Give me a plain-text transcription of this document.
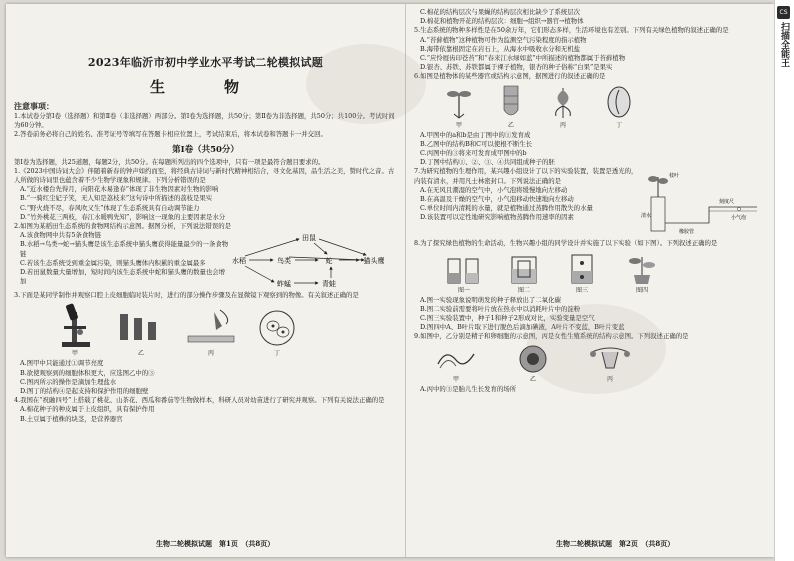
2023年临沂市初中学业水平考试二轮模拟试题
生　物
注意事项：
1.本试卷分第Ⅰ卷（选择题）和第Ⅱ卷（非选择题）两部分。第Ⅰ卷为选择题，共50分；第Ⅱ卷为非选择题，共50分；共100分。考试时间为60分钟。
2.答卷前务必将自己的姓名、准考证号等填写在答题卡相应位置上，考试结束后，将本试卷和答题卡一并交回。
第Ⅰ卷（共50分）
第Ⅰ卷为选择题，共25道题，每题2分，共50分。在每题所列出的四个选项中，只有一项是最符合题目要求的。
1.《2023中国诗词大会》伴随着新春的钟声如约而至，将经典古诗词与新时代精神相结合，寻文化基因，品生活之美，赞时代之音。古人所做的诗词里也蕴含着不少生物学现象和规律。下列分析错误的是
A.“近水楼台先得月，向阳花木易逢春”体现了非生物因素对生物的影响
B.“一骑红尘妃子笑，无人知是荔枝来”这句诗中所描述的荔枝是果实
C.“野火烧不尽，春风吹又生”体现了生态系统具有自动调节能力
D.“竹外桃花三两枝，春江水暖鸭先知”，影响这一现象的主要因素是水分
2.如图为某稻田生态系统的食物网结构示意图。据图分析，下列说法错误的是
A.该食物网中共有5条食物链
B.水稻→鸟类→蛇→猫头鹰是该生态系统中猫头鹰获得能量最少的一条食物链
C.若该生态系统受到重金属污染，则猫头鹰体内积累的重金属最多
D.若田鼠数量大量增加，短时间内该生态系统中蛇和猫头鹰的数量也会增加
田鼠
水稻	鸟类	蛇	猫头鹰
蚱蜢	青蛙
3.下面是某同学制作并观察口腔上皮细胞临时装片时，进行的部分操作步骤及在显微镜下观察到的物像。有关叙述正确的是
甲	乙	丙	丁
A.图甲中只能通过①调节亮度
B.欲使观察到的细胞体积更大，应选图乙中的③
C.图丙所示的操作是滴加生理盐水
D.图丁的结构④是起支持和保护作用的细胞壁
4.我国在“祝融四号”上搭载了桃花、山茶花、西瓜和番茄等生物做样本，科研人员对幼苗进行了研究并观察。下列有关说法正确的是
A.棉花种子的种皮属于上皮组织，具有保护作用
B.土豆属于植株的块茎，是营养器官
生物二轮模拟试题　第1页　（共8页）
C.棉花的结构层次与果蝇的结构层次相比缺少了系统层次
D.棉花和植物开花的结构层次：细胞→组织→器官→植物体
5.生态系统的物种多样性是在50余万年，它们形态多样，生活环境也有差别。下列有关绿色植物的叙述正确的是
A.“苔藓植物”这种植物可作为监测空气污染程度的指示植物
B.海带依靠根固定在岩石上，从海水中吸收水分和无机盐
C.“应怜屐齿印苍苔”和“春来江水绿如蓝”中所描述的植物都属于苔藓植物
D.银杏、苏铁、苏铁都属于裸子植物，银杏的种子俗称“白果”是果实
6.如图是植物体的某些器官或结构示意图，据图进行的叙述正确的是
甲	乙	丙	丁
A.甲图中的a和b是由丁图中的①发育成
B.乙图中的结构B和C可以使根不断生长
C.丙图中的③将来可发育成甲图中的b
D.丁图中结构①、②、③、④共同组成种子的胚
7.为研究植物的生理作用，某兴趣小组设计了以下的实验装置，装置是透光的，内装有清水，并用凡士林密封口。下列说法正确的是
A.在无风且潮湿的空气中，小气泡将缓慢地向左移动
B.在高温及干燥的空气中，小气泡移动快速地向左移动
C.单位时间内清耗的水量，就是植物通过蒸腾作用散失的水量
D.该装置可以定性地研究影响植物蒸腾作用速率的因素
枝叶
清水
橡胶管
刻度尺
小气泡
8.为了探究绿色植物的生命活动，生物兴趣小组的同学设计并实施了以下实验（如下图）。下列叙述正确的是
图一	图二	图三	图四
A.图一实验现象说明萌发的种子释放出了二氧化碳
B.图二实验前需要将叶片放在热水中以消耗叶片中的淀粉
C.图三实验装置中，种子1和种子2形成对比，实验变量是空气
D.图四中A、B叶片取下进行脱色后滴加碘液，A叶片不变蓝，B叶片变蓝
9.如图中，乙分别是精子和卵细胞的示意图，丙是女性生殖系统的结构示意图。下列叙述正确的是
甲	乙	丙
A.丙中的③是胎儿生长发育的场所
生物二轮模拟试题　第2页　（共8页）
CS
扫描全能王
